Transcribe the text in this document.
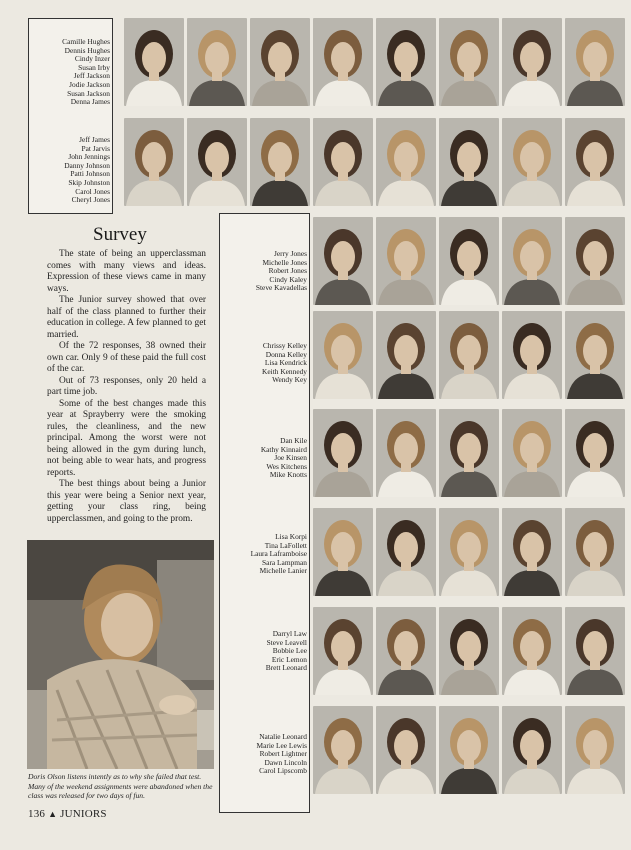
Camille Hughes
Dennis Hughes
Cindy Inzer
Susan Irby
Jeff Jackson
Jodie Jackson
Susan Jackson
Denna James
Jeff James
Pat Jarvis
John Jennings
Danny Johnson
Patti Johnson
Skip Johnston
Carol Jones
Cheryl Jones
Jerry Jones
Michelle Jones
Robert Jones
Cindy Kaley
Steve Kavadellas
Chrissy Kelley
Donna Kelley
Lisa Kendrick
Keith Kennedy
Wendy Key
Dan Kile
Kathy Kinnaird
Joe Kinsen
Wes Kitchens
Mike Knotts
Lisa Korpi
Tina LaFollett
Laura Laframboise
Sara Lampman
Michelle Lanier
Darryl Law
Steve Leavell
Bobbie Lee
Eric Lemon
Brett Leonard
Natalie Leonard
Marie Lee Lewis
Robert Lightner
Dawn Lincoln
Carol Lipscomb
Survey

The state of being an upperclassman comes with many views and ideas. Expression of these views came in many ways.

The Junior survey showed that over half of the class planned to further their education in college. A few planned to get married.

Of the 72 responses, 38 owned their own car. Only 9 of these paid the full cost of the car.

Out of 73 responses, only 20 held a part time job.

Some of the best changes made this year at Sprayberry were the smoking rules, the cleanliness, and the new principal. Among the worst were not being allowed in the gym during lunch, not being able to wear hats, and progress reports.

The best things about being a Junior this year were being a Senior next year, getting your class ring, being upperclassmen, and going to the prom.

Doris Olson listens intently as to why she failed that test. Many of the weekend assignments were abandoned when the class was released for two days of fun.
136 ▲ JUNIORS
